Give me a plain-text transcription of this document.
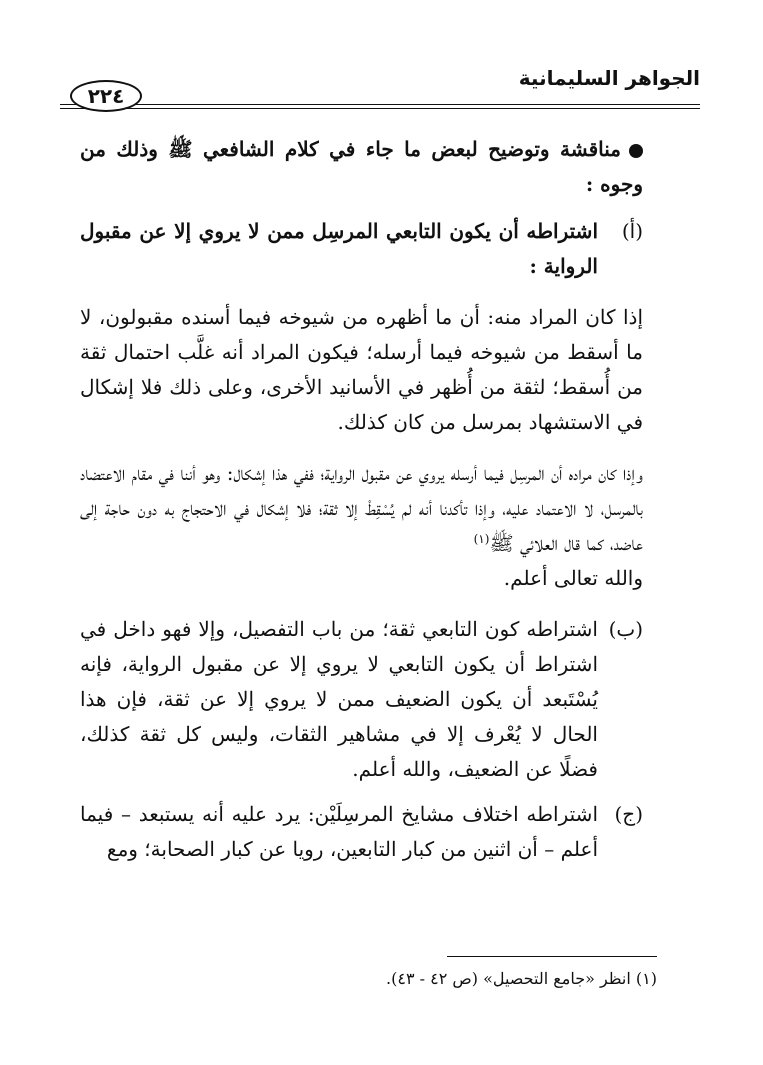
الجواهر السليمانية
٢٢٤

مناقشة وتوضيح لبعض ما جاء في كلام الشافعي ﷺ وذلك من وجوه :

(أ)

اشتراطه أن يكون التابعي المرسِل ممن لا يروي إلا عن مقبول الرواية :

إذا كان المراد منه: أن ما أظهره من شيوخه فيما أسنده مقبولون، لا ما أسقط من شيوخه فيما أرسله؛ فيكون المراد أنه غلَّب احتمال ثقة من أُسقط؛ لثقة من أُظهر في الأسانيد الأخرى، وعلى ذلك فلا إشكال في الاستشهاد بمرسل من كان كذلك.

وإذا كان مراده أن المرسِل فيما أرسله يروي عن مقبول الرواية؛ ففي هذا إشكال: وهو أننا في مقام الاعتضاد بالمرسل، لا الاعتماد عليه، وإذا تأكدنا أنه لم يُسْقِطْ إلا ثقة؛ فلا إشكال في الاحتجاج به دون حاجة إلى عاضد، كما قال العلائي ﷺ$^{(١)}$
والله تعالى أعلم.

(ب)

اشتراطه كون التابعي ثقة؛ من باب التفصيل، وإلا فهو داخل في اشتراط أن يكون التابعي لا يروي إلا عن مقبول الرواية، فإنه يُسْتَبعد أن يكون الضعيف ممن لا يروي إلا عن ثقة، فإن هذا الحال لا يُعْرف إلا في مشاهير الثقات، وليس كل ثقة كذلك، فضلًا عن الضعيف، والله أعلم.

(ج)

اشتراطه اختلاف مشايخ المرسِلَيْن: يرد عليه أنه يستبعد – فيما أعلم – أن اثنين من كبار التابعين، رويا عن كبار الصحابة؛ ومع

(١) انظر «جامع التحصيل» (ص ٤٢ - ٤٣).
